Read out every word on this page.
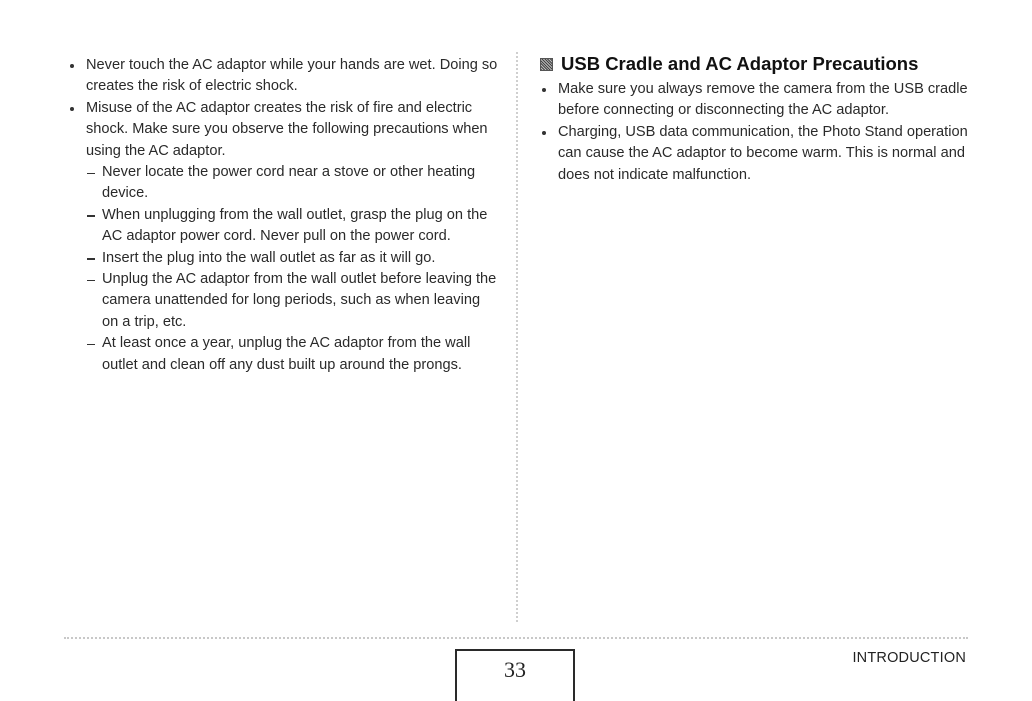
Never touch the AC adaptor while your hands are wet. Doing so creates the risk of electric shock.
Misuse of the AC adaptor creates the risk of fire and electric shock. Make sure you observe the following precautions when using the AC adaptor.
Never locate the power cord near a stove or other heating device.
When unplugging from the wall outlet, grasp the plug on the AC adaptor power cord. Never pull on the power cord.
Insert the plug into the wall outlet as far as it will go.
Unplug the AC adaptor from the wall outlet before leaving the camera unattended for long periods, such as when leaving on a trip, etc.
At least once a year, unplug the AC adaptor from the wall outlet and clean off any dust built up around the prongs.
USB Cradle and AC Adaptor Precautions
Make sure you always remove the camera from the USB cradle before connecting or disconnecting the AC adaptor.
Charging, USB data communication, the Photo Stand operation can cause the AC adaptor to become warm. This is normal and does not indicate malfunction.
33	INTRODUCTION
